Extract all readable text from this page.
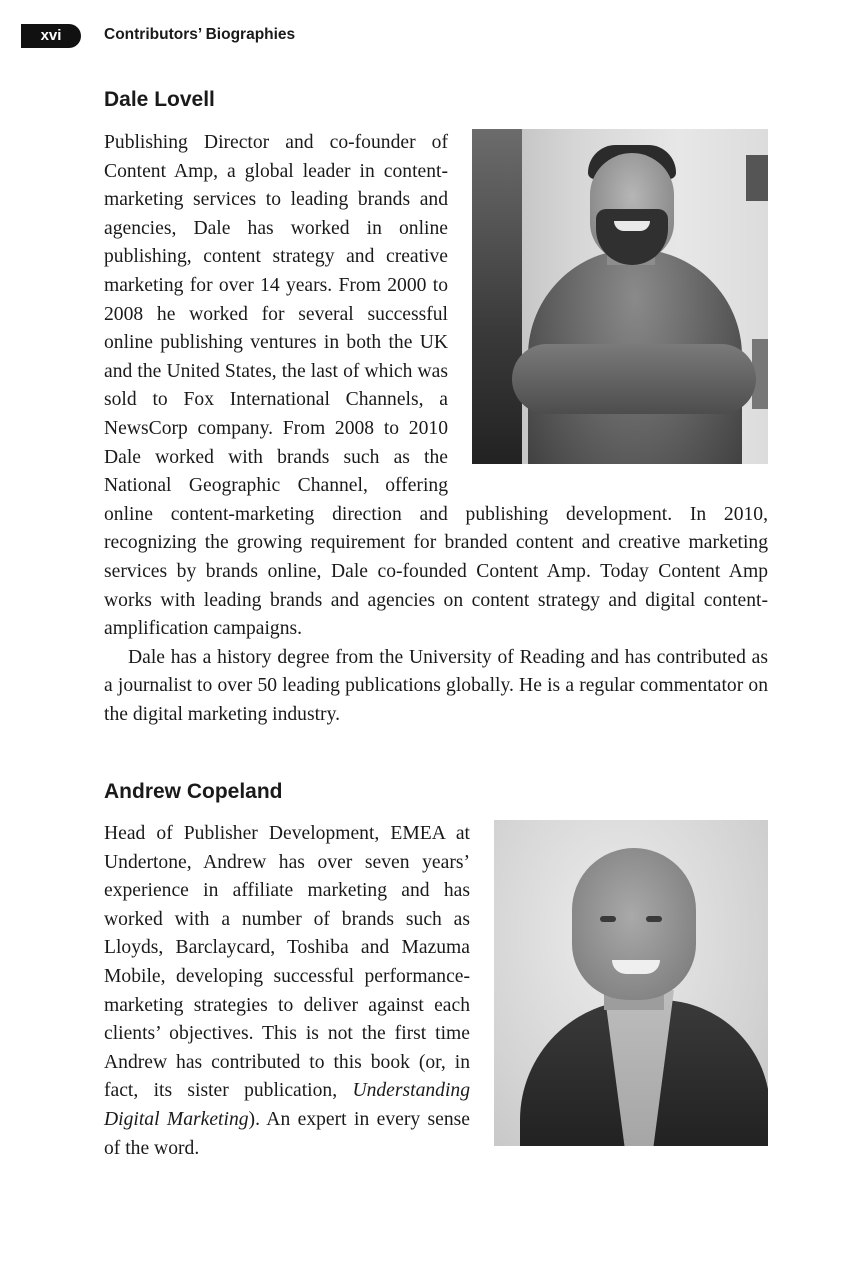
xvi	Contributors’ Biographies
Dale Lovell

Publishing Director and co-founder of Content Amp, a global leader in content-marketing services to leading brands and agencies, Dale has worked in online publishing, content strategy and creative marketing for over 14 years. From 2000 to 2008 he worked for several successful online publishing ventures in both the UK and the United States, the last of which was sold to Fox International Channels, a NewsCorp company. From 2008 to 2010 Dale worked with brands such as the National Geographic Channel, offering online content-marketing direction and publishing development. In 2010, recognizing the growing requirement for branded content and creative marketing services by brands online, Dale co-founded Content Amp. Today Content Amp works with leading brands and agencies on content strategy and digital content-amplification campaigns.

Dale has a history degree from the University of Reading and has contributed as a journalist to over 50 leading publications globally. He is a regular commentator on the digital marketing industry.

Andrew Copeland

Head of Publisher Development, EMEA at Undertone, Andrew has over seven years’ experience in affiliate marketing and has worked with a number of brands such as Lloyds, Barclaycard, Toshiba and Mazuma Mobile, developing successful performance-marketing strategies to deliver against each clients’ objectives. This is not the first time Andrew has contributed to this book (or, in fact, its sister publication, Understanding Digital Marketing). An expert in every sense of the word.
